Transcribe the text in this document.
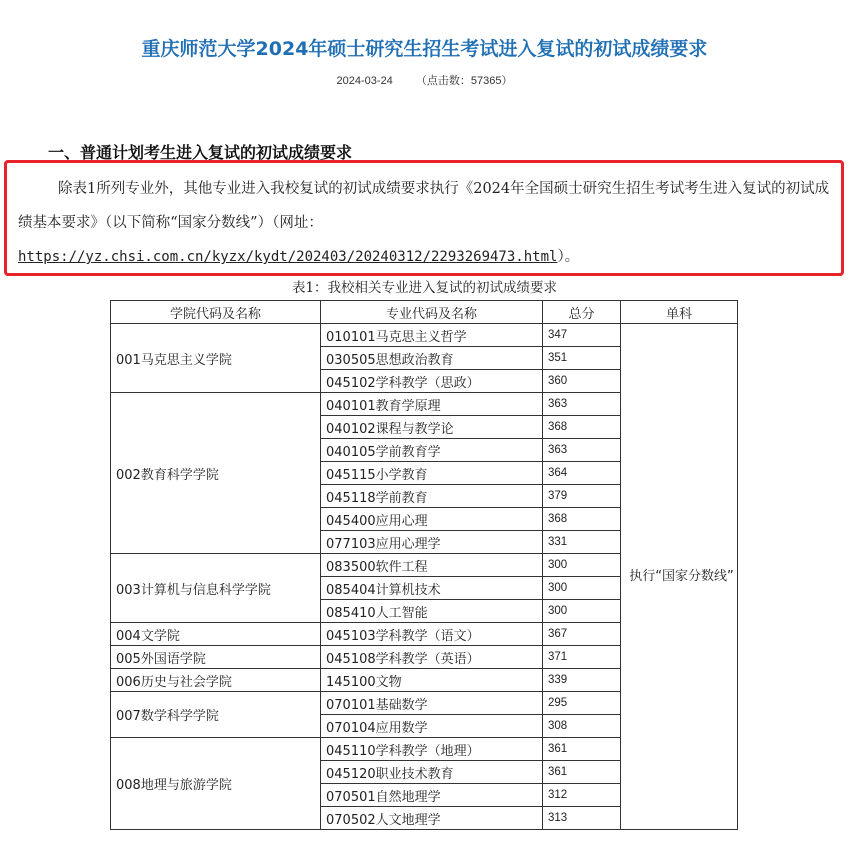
重庆师范大学2024年硕士研究生招生考试进入复试的初试成绩要求
2024-03-24 （点击数：57365）
一、普通计划考生进入复试的初试成绩要求
除表1所列专业外，其他专业进入我校复试的初试成绩要求执行《2024年全国硕士研究生招生考试考生进入复试的初试成绩基本要求》（以下简称“国家分数线”）（网址：https://yz.chsi.com.cn/kyzx/kydt/202403/20240312/2293269473.html）。
表1：我校相关专业进入复试的初试成绩要求
学院代码及名称	专业代码及名称	总分	单科
001马克思主义学院	010101马克思主义哲学	347	执行“国家分数线”
	030505思想政治教育	351	
	045102学科教学（思政）	360	
002教育科学学院	040101教育学原理	363	
	040102课程与教学论	368	
	040105学前教育学	363	
	045115小学教育	364	
	045118学前教育	379	
	045400应用心理	368	
	077103应用心理学	331	
003计算机与信息科学学院	083500软件工程	300	
	085404计算机技术	300	
	085410人工智能	300	
004文学院	045103学科教学（语文）	367	
005外国语学院	045108学科教学（英语）	371	
006历史与社会学院	145100文物	339	
007数学科学学院	070101基础数学	295	
	070104应用数学	308	
008地理与旅游学院	045110学科教学（地理）	361	
	045120职业技术教育	361	
	070501自然地理学	312	
	070502人文地理学	313	
